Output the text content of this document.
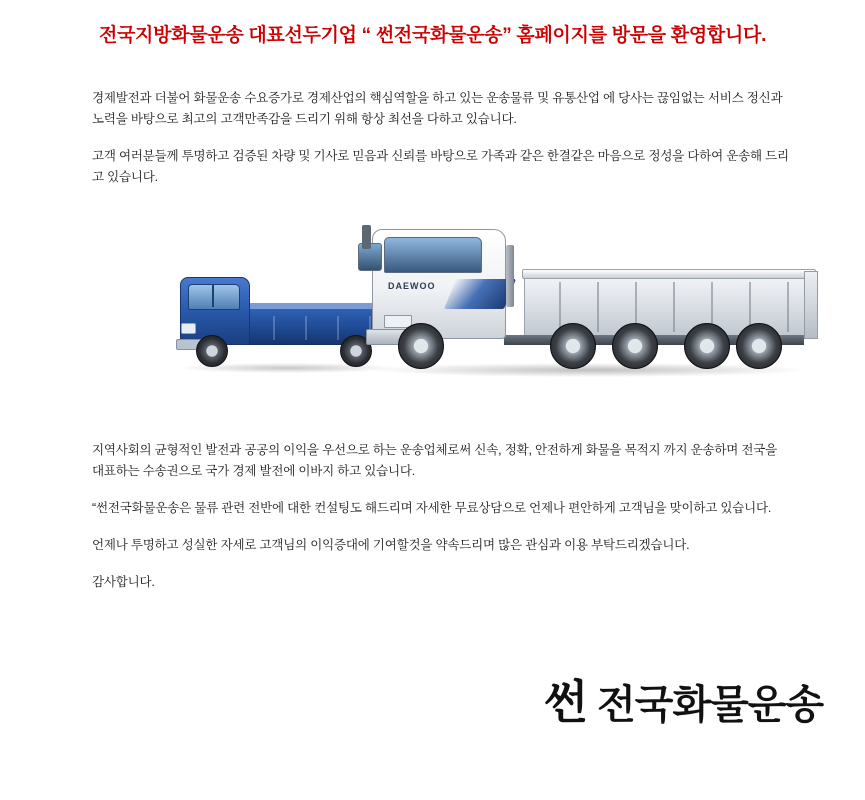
전국지방화물운송 대표선두기업 “ 썬전국화물운송” 홈페이지를 방문을 환영합니다.

경제발전과 더불어 화물운송 수요증가로 경제산업의 핵심역할을 하고 있는 운송물류 및 유통산업 에 당사는 끊임없는 서비스 정신과 노력을 바탕으로 최고의 고객만족감을 드리기 위해 항상 최선을 다하고 있습니다.

고객 여러분들께 투명하고 검증된 차량 및 기사로 믿음과 신뢰를 바탕으로 가족과 같은 한결같은 마음으로 정성을 다하여 운송해 드리고 있습니다.

DAEWOO

지역사회의 균형적인 발전과 공공의 이익을 우선으로 하는 운송업체로써 신속, 정확, 안전하게 화물을 목적지 까지 운송하며 전국을 대표하는 수송권으로 국가 경제 발전에 이바지 하고 있습니다.

“썬전국화물운송은 물류 관련 전반에 대한 컨설팅도 해드리며 자세한 무료상담으로 언제나 편안하게 고객님을 맞이하고 있습니다.

언제나 투명하고 성실한 자세로 고객님의 이익증대에 기여할것을 약속드리며 많은 관심과 이용 부탁드리겠습니다.

감사합니다.

썬 전국화물운송
